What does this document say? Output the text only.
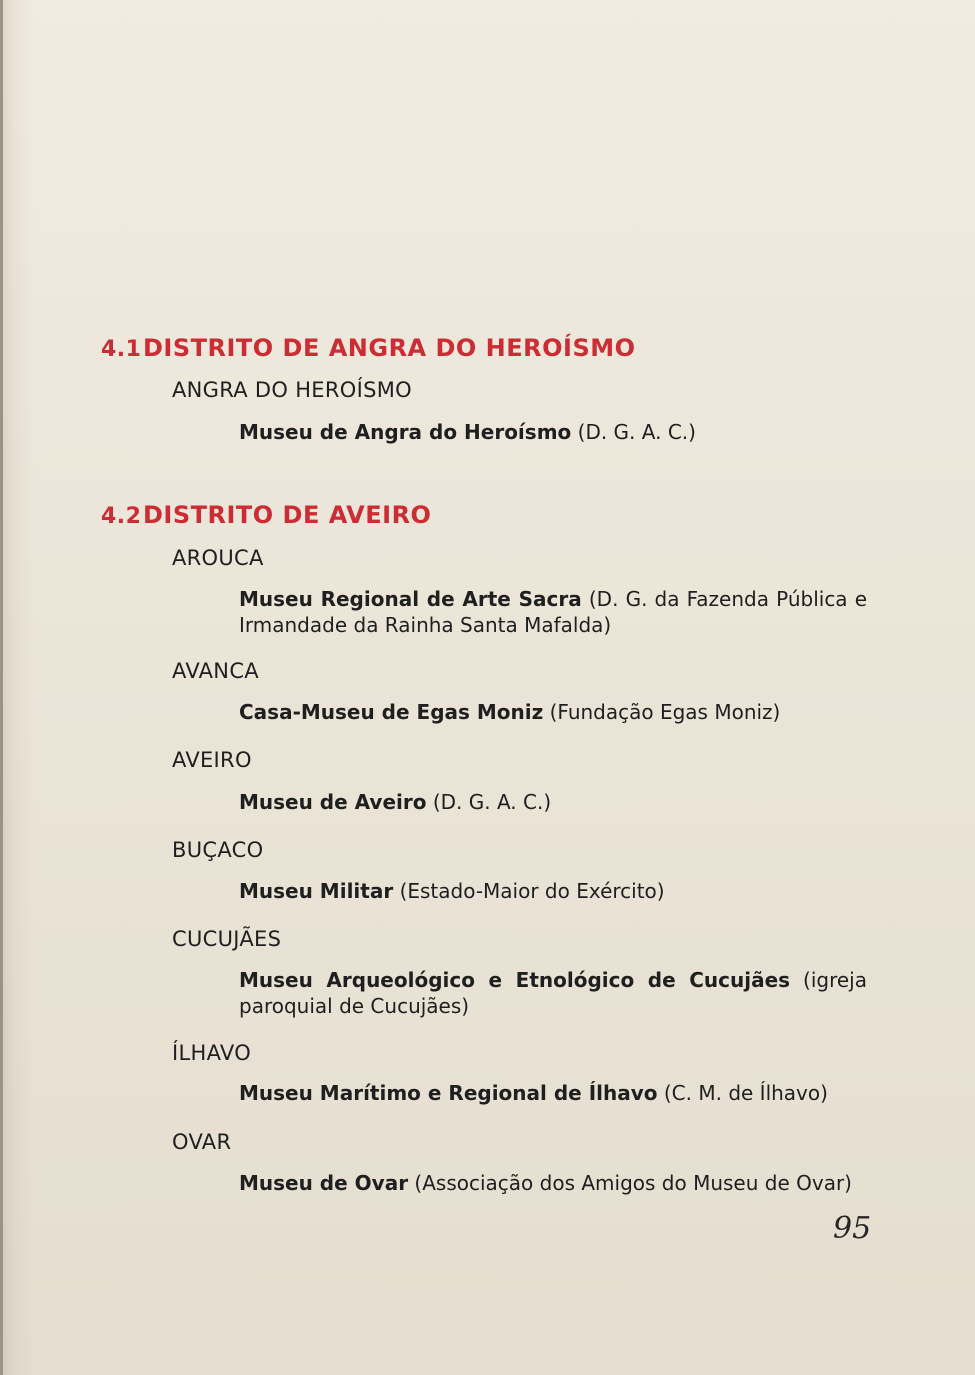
4.1DISTRITO DE ANGRA DO HEROÍSMO
ANGRA DO HEROÍSMO
Museu de Angra do Heroísmo (D. G. A. C.)
4.2DISTRITO DE AVEIRO
AROUCA
Museu Regional de Arte Sacra (D. G. da Fazenda Pública e Irmandade da Rainha Santa Mafalda)
AVANCA
Casa-Museu de Egas Moniz (Fundação Egas Moniz)
AVEIRO
Museu de Aveiro (D. G. A. C.)
BUÇACO
Museu Militar (Estado-Maior do Exército)
CUCUJÃES
Museu Arqueológico e Etnológico de Cucujães (igreja paroquial de Cucujães)
ÍLHAVO
Museu Marítimo e Regional de Ílhavo (C. M. de Ílhavo)
OVAR
Museu de Ovar (Associação dos Amigos do Museu de Ovar)
95
